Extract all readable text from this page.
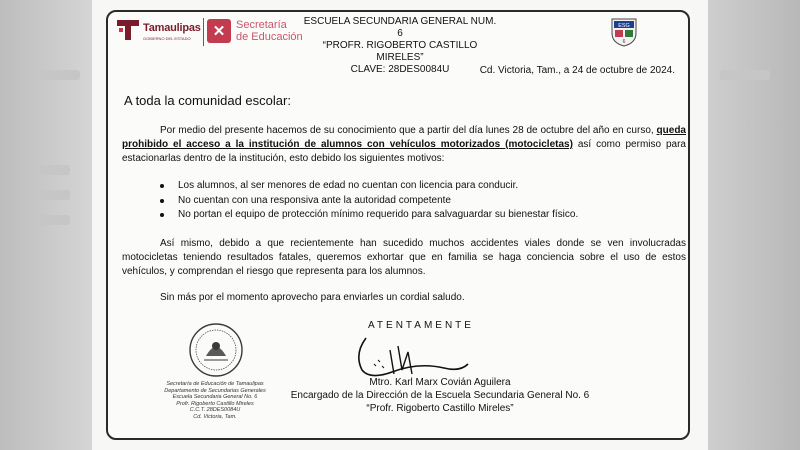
Tamaulipas
GOBIERNO DEL ESTADO	✕ Secretaría
de Educación
ESCUELA SECUNDARIA GENERAL NUM. 6
“PROFR. RIGOBERTO CASTILLO MIRELES”
CLAVE: 28DES0084U
ESG
6
Cd. Victoria, Tam., a 24 de octubre de 2024.
A toda la comunidad escolar:
Por medio del presente hacemos de su conocimiento que a partir del día lunes 28 de octubre del año en curso, queda prohibido el acceso a la institución de alumnos con vehículos motorizados (motocicletas) así como permiso para estacionarlas dentro de la institución, esto debido los siguientes motivos:
Los alumnos, al ser menores de edad no cuentan con licencia para conducir.
No cuentan con una responsiva ante la autoridad competente
No portan el equipo de protección mínimo requerido para salvaguardar su bienestar físico.
Así mismo, debido a que recientemente han sucedido muchos accidentes viales donde se ven involucradas motocicletas teniendo resultados fatales, queremos exhortar que en familia se haga conciencia sobre el uso de estos vehículos, y comprendan el riesgo que representa para los alumnos.
Sin más por el momento aprovecho para enviarles un cordial saludo.
ATENTAMENTE
Secretaría de Educación de Tamaulipas
Departamento de Secundarias Generales
Escuela Secundaria General No. 6
Profr. Rigoberto Castillo Mireles
C.C.T. 28DES0084U
Cd. Victoria, Tam.
Mtro. Karl Marx Covián Aguilera
Encargado de la Dirección de la Escuela Secundaria General No. 6
“Profr. Rigoberto Castillo Mireles”
